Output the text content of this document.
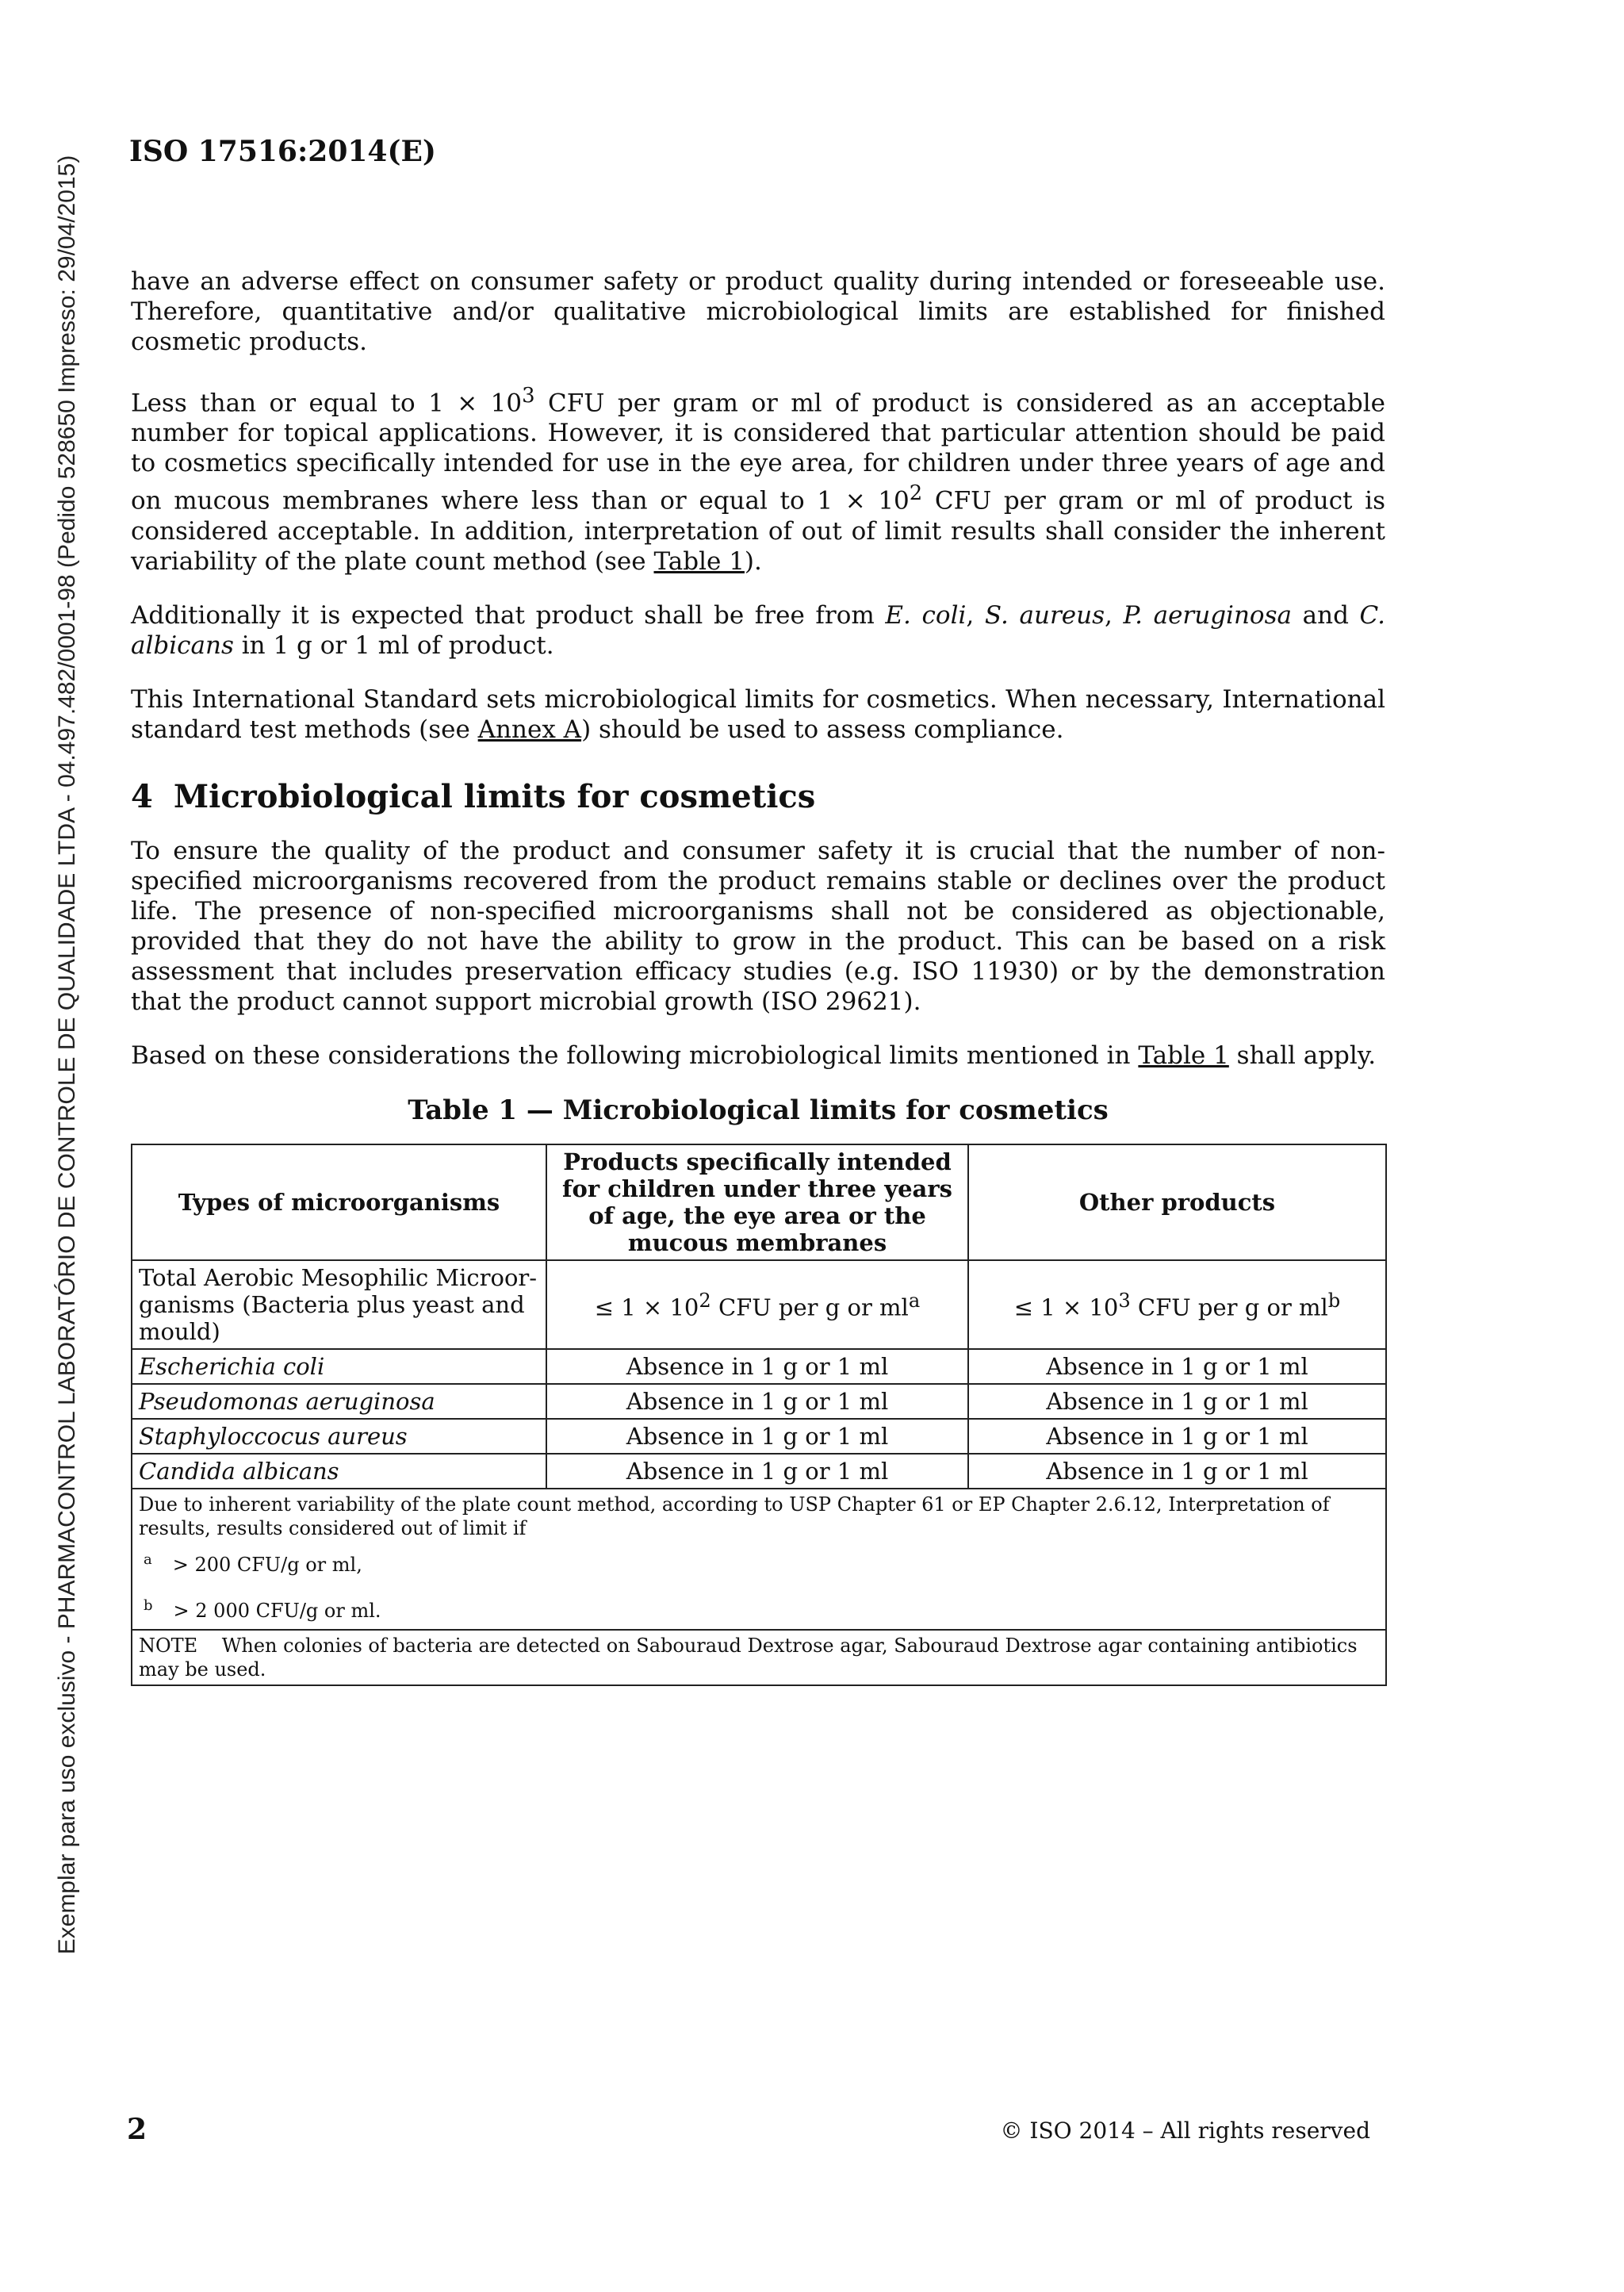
Exemplar para uso exclusivo - PHARMACONTROL LABORATÓRIO DE CONTROLE DE QUALIDADE LTDA - 04.497.482/0001-98 (Pedido 528650 Impresso: 29/04/2015)
ISO 17516:2014(E)

have an adverse effect on consumer safety or product quality during intended or foreseeable use. Therefore, quantitative and/or qualitative microbiological limits are established for finished cosmetic products.

Less than or equal to $1 \times 10^3$ CFU per gram or ml of product is considered as an acceptable number for topical applications. However, it is considered that particular attention should be paid to cosmetics specifically intended for use in the eye area, for children under three years of age and on mucous membranes where less than or equal to $1 \times 10^2$ CFU per gram or ml of product is considered acceptable. In addition, interpretation of out of limit results shall consider the inherent variability of the plate count method (see Table 1).

Additionally it is expected that product shall be free from E. coli, S. aureus, P. aeruginosa and C. albicans in 1 g or 1 ml of product.

This International Standard sets microbiological limits for cosmetics. When necessary, International standard test methods (see Annex A) should be used to assess compliance.

4 Microbiological limits for cosmetics

To ensure the quality of the product and consumer safety it is crucial that the number of non-specified microorganisms recovered from the product remains stable or declines over the product life. The presence of non-specified microorganisms shall not be considered as objectionable, provided that they do not have the ability to grow in the product. This can be based on a risk assessment that includes preservation efficacy studies (e.g. ISO 11930) or by the demonstration that the product cannot support microbial growth (ISO 29621).

Based on these considerations the following microbiological limits mentioned in Table 1 shall apply.

Table 1 — Microbiological limits for cosmetics
Types of microorganisms	Products specifically intended for children under three years of age, the eye area or the mucous membranes	Other products
Total Aerobic Mesophilic Microor-ganisms (Bacteria plus yeast and mould)	≤ $1 \times 10^2$ CFU per g or $ml^a$	≤ $1 \times 10^3$ CFU per g or $ml^b$
Escherichia coli	Absence in 1 g or 1 ml	Absence in 1 g or 1 ml
Pseudomonas aeruginosa	Absence in 1 g or 1 ml	Absence in 1 g or 1 ml
Staphyloccocus aureus	Absence in 1 g or 1 ml	Absence in 1 g or 1 ml
Candida albicans	Absence in 1 g or 1 ml	Absence in 1 g or 1 ml

Due to inherent variability of the plate count method, according to USP Chapter 61 or EP Chapter 2.6.12, Interpretation of results, results considered out of limit if
$^a$ > 200 CFU/g or ml,
$^b$ > 2 000 CFU/g or ml.		

NOTE    When colonies of bacteria are detected on Sabouraud Dextrose agar, Sabouraud Dextrose agar containing antibiotics may be used.		
2	© ISO 2014 – All rights reserved
